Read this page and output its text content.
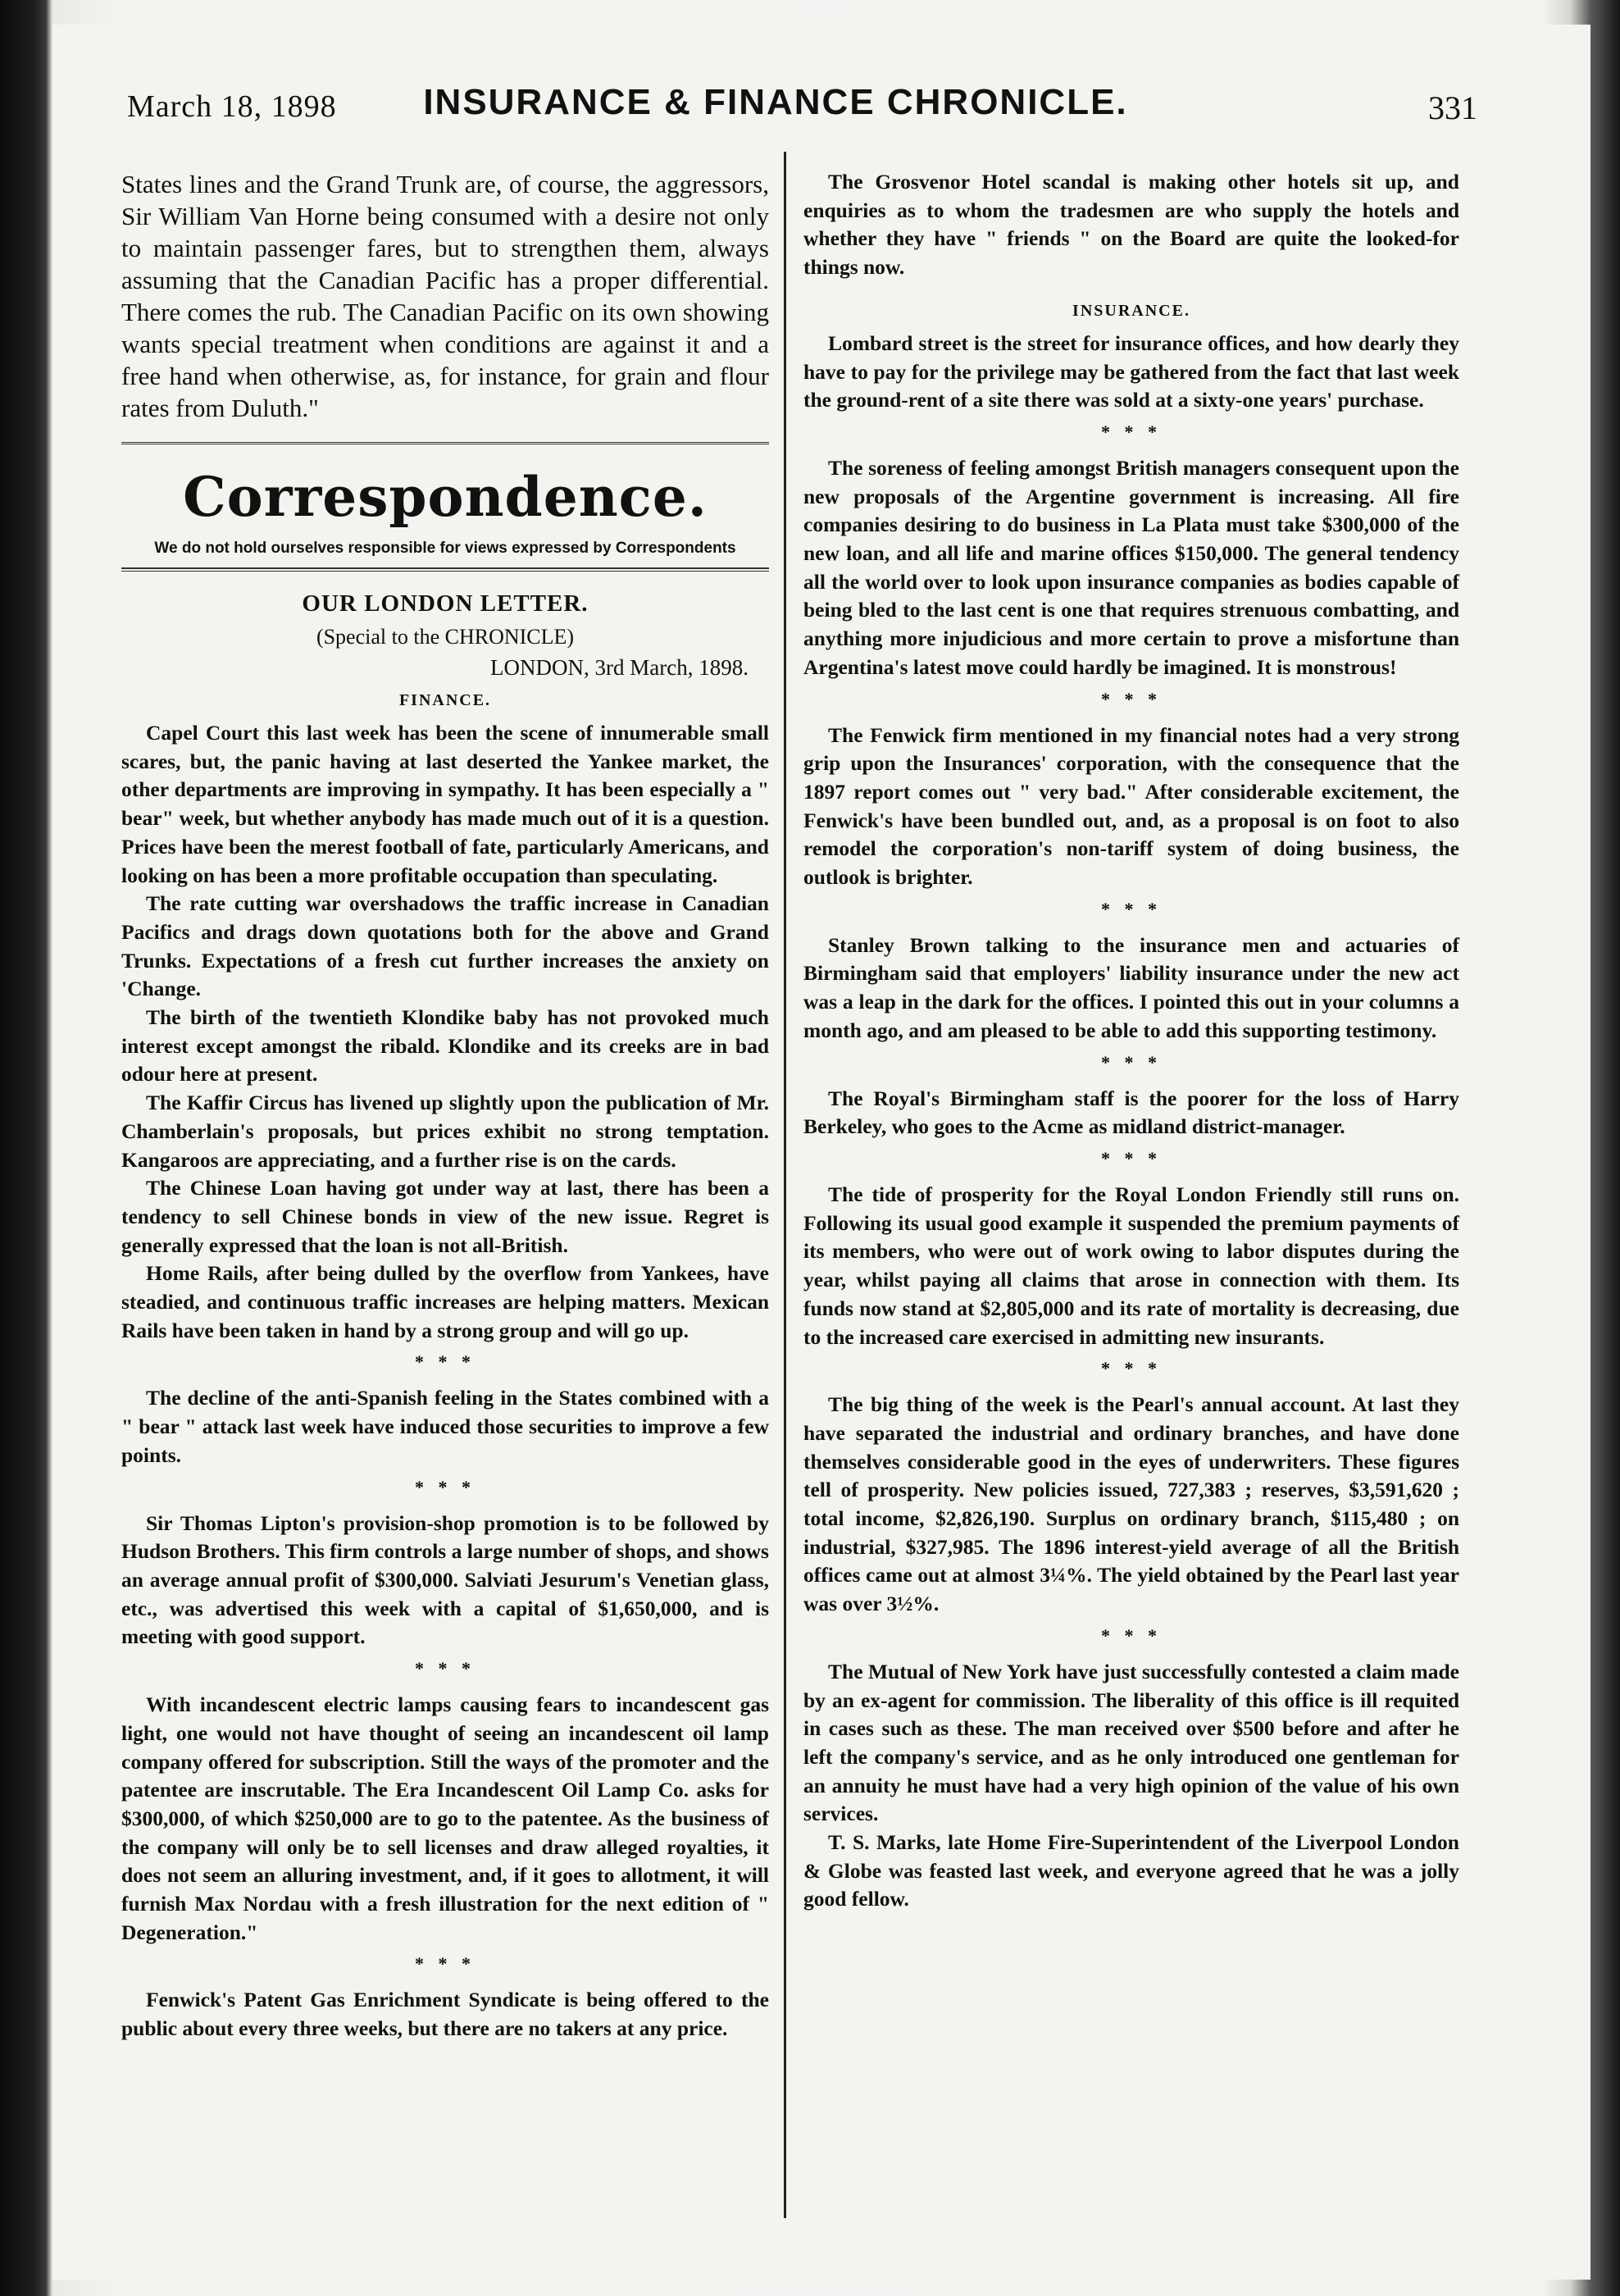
March 18, 1898	INSURANCE & FINANCE CHRONICLE.	331

States lines and the Grand Trunk are, of course, the aggressors, Sir William Van Horne being consumed with a desire not only to maintain passenger fares, but to strengthen them, always assuming that the Canadian Pacific has a proper differential. There comes the rub. The Canadian Pacific on its own showing wants special treatment when conditions are against it and a free hand when otherwise, as, for instance, for grain and flour rates from Duluth."

Correspondence.
We do not hold ourselves responsible for views expressed by Correspondents
OUR LONDON LETTER.
(Special to the CHRONICLE)
LONDON, 3rd March, 1898.
FINANCE.

Capel Court this last week has been the scene of innumerable small scares, but, the panic having at last deserted the Yankee market, the other departments are improving in sympathy. It has been especially a " bear" week, but whether anybody has made much out of it is a question. Prices have been the merest football of fate, particularly Americans, and looking on has been a more profitable occupation than speculating.

The rate cutting war overshadows the traffic increase in Canadian Pacifics and drags down quotations both for the above and Grand Trunks. Expectations of a fresh cut further increases the anxiety on 'Change.

The birth of the twentieth Klondike baby has not provoked much interest except amongst the ribald. Klondike and its creeks are in bad odour here at present.

The Kaffir Circus has livened up slightly upon the publication of Mr. Chamberlain's proposals, but prices exhibit no strong temptation. Kangaroos are appreciating, and a further rise is on the cards.

The Chinese Loan having got under way at last, there has been a tendency to sell Chinese bonds in view of the new issue. Regret is generally expressed that the loan is not all-British.

Home Rails, after being dulled by the overflow from Yankees, have steadied, and continuous traffic increases are helping matters. Mexican Rails have been taken in hand by a strong group and will go up.

* * *

The decline of the anti-Spanish feeling in the States combined with a " bear " attack last week have induced those securities to improve a few points.

* * *

Sir Thomas Lipton's provision-shop promotion is to be followed by Hudson Brothers. This firm controls a large number of shops, and shows an average annual profit of $300,000. Salviati Jesurum's Venetian glass, etc., was advertised this week with a capital of $1,650,000, and is meeting with good support.

* * *

With incandescent electric lamps causing fears to incandescent gas light, one would not have thought of seeing an incandescent oil lamp company offered for subscription. Still the ways of the promoter and the patentee are inscrutable. The Era Incandescent Oil Lamp Co. asks for $300,000, of which $250,000 are to go to the patentee. As the business of the company will only be to sell licenses and draw alleged royalties, it does not seem an alluring investment, and, if it goes to allotment, it will furnish Max Nordau with a fresh illustration for the next edition of " Degeneration."

* * *

Fenwick's Patent Gas Enrichment Syndicate is being offered to the public about every three weeks, but there are no takers at any price.

The Grosvenor Hotel scandal is making other hotels sit up, and enquiries as to whom the tradesmen are who supply the hotels and whether they have " friends " on the Board are quite the looked-for things now.

INSURANCE.

Lombard street is the street for insurance offices, and how dearly they have to pay for the privilege may be gathered from the fact that last week the ground-rent of a site there was sold at a sixty-one years' purchase.

* * *

The soreness of feeling amongst British managers consequent upon the new proposals of the Argentine government is increasing. All fire companies desiring to do business in La Plata must take $300,000 of the new loan, and all life and marine offices $150,000. The general tendency all the world over to look upon insurance companies as bodies capable of being bled to the last cent is one that requires strenuous combatting, and anything more injudicious and more certain to prove a misfortune than Argentina's latest move could hardly be imagined. It is monstrous!

* * *

The Fenwick firm mentioned in my financial notes had a very strong grip upon the Insurances' corporation, with the consequence that the 1897 report comes out " very bad." After considerable excitement, the Fenwick's have been bundled out, and, as a proposal is on foot to also remodel the corporation's non-tariff system of doing business, the outlook is brighter.

* * *

Stanley Brown talking to the insurance men and actuaries of Birmingham said that employers' liability insurance under the new act was a leap in the dark for the offices. I pointed this out in your columns a month ago, and am pleased to be able to add this supporting testimony.

* * *

The Royal's Birmingham staff is the poorer for the loss of Harry Berkeley, who goes to the Acme as midland district-manager.

* * *

The tide of prosperity for the Royal London Friendly still runs on. Following its usual good example it suspended the premium payments of its members, who were out of work owing to labor disputes during the year, whilst paying all claims that arose in connection with them. Its funds now stand at $2,805,000 and its rate of mortality is decreasing, due to the increased care exercised in admitting new insurants.

* * *

The big thing of the week is the Pearl's annual account. At last they have separated the industrial and ordinary branches, and have done themselves considerable good in the eyes of underwriters. These figures tell of prosperity. New policies issued, 727,383 ; reserves, $3,591,620 ; total income, $2,826,190. Surplus on ordinary branch, $115,480 ; on industrial, $327,985. The 1896 interest-yield average of all the British offices came out at almost 3¼%. The yield obtained by the Pearl last year was over 3½%.

* * *

The Mutual of New York have just successfully contested a claim made by an ex-agent for commission. The liberality of this office is ill requited in cases such as these. The man received over $500 before and after he left the company's service, and as he only introduced one gentleman for an annuity he must have had a very high opinion of the value of his own services.

T. S. Marks, late Home Fire-Superintendent of the Liverpool London & Globe was feasted last week, and everyone agreed that he was a jolly good fellow.
